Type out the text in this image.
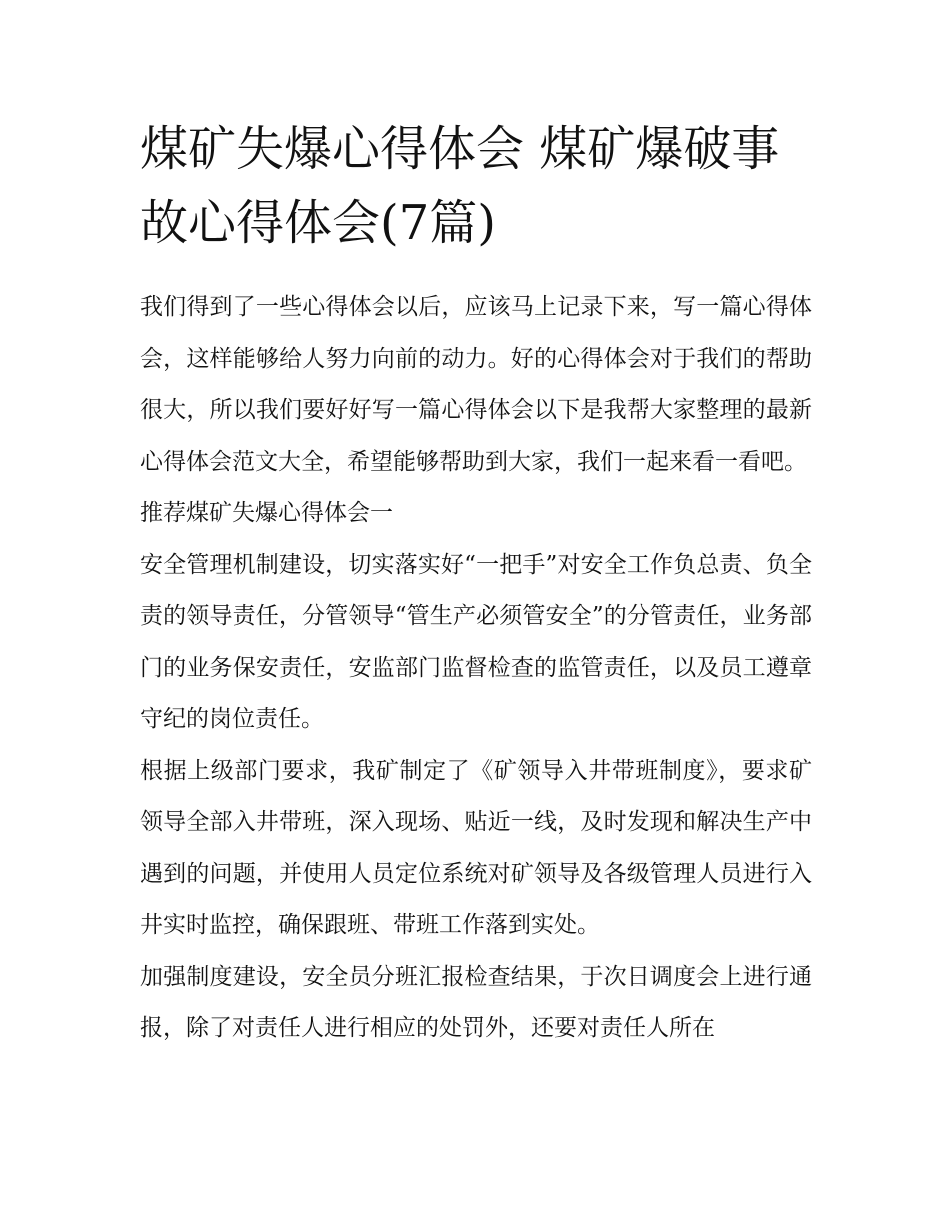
煤矿失爆心得体会 煤矿爆破事故心得体会(7篇)

我们得到了一些心得体会以后，应该马上记录下来，写一篇心得体会，这样能够给人努力向前的动力。好的心得体会对于我们的帮助很大，所以我们要好好写一篇心得体会以下是我帮大家整理的最新心得体会范文大全，希望能够帮助到大家，我们一起来看一看吧。

推荐煤矿失爆心得体会一

安全管理机制建设，切实落实好“一把手”对安全工作负总责、负全责的领导责任，分管领导“管生产必须管安全”的分管责任，业务部门的业务保安责任，安监部门监督检查的监管责任，以及员工遵章守纪的岗位责任。

根据上级部门要求，我矿制定了《矿领导入井带班制度》，要求矿领导全部入井带班，深入现场、贴近一线，及时发现和解决生产中遇到的问题，并使用人员定位系统对矿领导及各级管理人员进行入井实时监控，确保跟班、带班工作落到实处。

加强制度建设，安全员分班汇报检查结果，于次日调度会上进行通报，除了对责任人进行相应的处罚外，还要对责任人所在
